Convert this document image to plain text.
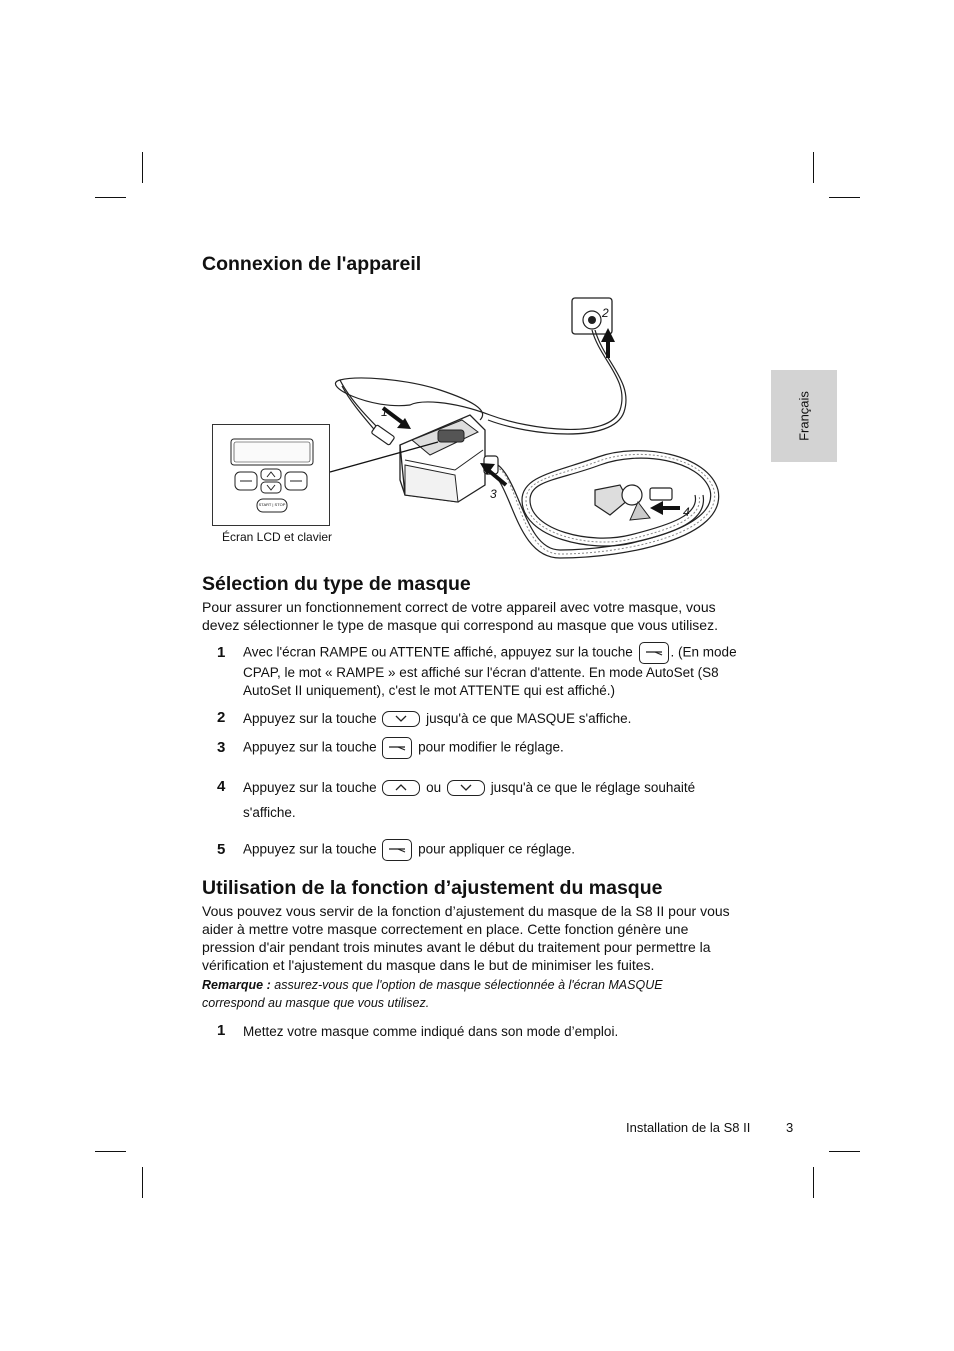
Français
Connexion de l'appareil
START | STOP
Écran LCD et clavier
1
2
3
4
Sélection du type de masque
Pour assurer un fonctionnement correct de votre appareil avec votre masque, vous
devez sélectionner le type de masque qui correspond au masque que vous utilisez.
1 Avec l'écran RAMPE ou ATTENTE affiché, appuyez sur la touche	. (En mode
CPAP, le mot « RAMPE » est affiché sur l'écran d'attente. En mode AutoSet (S8
AutoSet II uniquement), c'est le mot ATTENTE qui est affiché.)
2 Appuyez sur la touche	jusqu'à ce que MASQUE s'affiche.
3 Appuyez sur la touche	pour modifier le réglage.
4 Appuyez sur la touche	ou	jusqu'à ce que le réglage souhaité
s'affiche.
5 Appuyez sur la touche	pour appliquer ce réglage.
Utilisation de la fonction d’ajustement du masque
Vous pouvez vous servir de la fonction d’ajustement du masque de la S8 II pour vous
aider à mettre votre masque correctement en place. Cette fonction génère une
pression d'air pendant trois minutes avant le début du traitement pour permettre la
vérification et l'ajustement du masque dans le but de minimiser les fuites.
Remarque : assurez-vous que l'option de masque sélectionnée à l'écran MASQUE
correspond au masque que vous utilisez.
1 Mettez votre masque comme indiqué dans son mode d’emploi.
Installation de la S8 II	3
